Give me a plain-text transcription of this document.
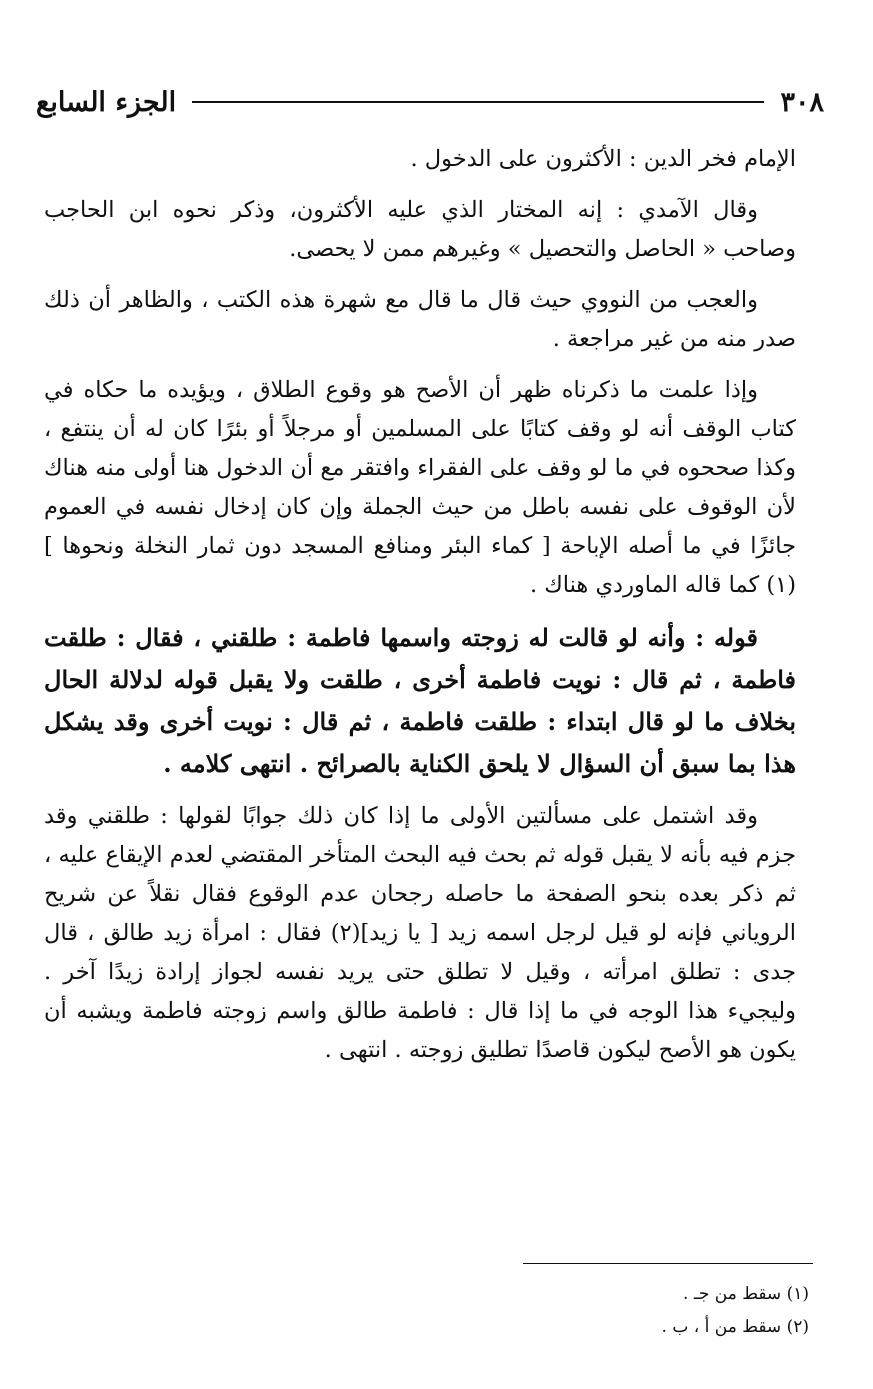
٣٠٨
الجزء السابع

الإمام فخر الدين : الأكثرون على الدخول .

وقال الآمدي : إنه المختار الذي عليه الأكثرون، وذكر نحوه ابن الحاجب وصاحب « الحاصل والتحصيل » وغيرهم ممن لا يحصى.

والعجب من النووي حيث قال ما قال مع شهرة هذه الكتب ، والظاهر أن ذلك صدر منه من غير مراجعة .

وإذا علمت ما ذكرناه ظهر أن الأصح هو وقوع الطلاق ، ويؤيده ما حكاه في كتاب الوقف أنه لو وقف كتابًا على المسلمين أو مرجلاً أو بئرًا كان له أن ينتفع ، وكذا صححوه في ما لو وقف على الفقراء وافتقر مع أن الدخول هنا أولى منه هناك لأن الوقوف على نفسه باطل من حيث الجملة وإن كان إدخال نفسه في العموم جائزًا في ما أصله الإباحة [ كماء البئر ومنافع المسجد دون ثمار النخلة ونحوها ] (١) كما قاله الماوردي هناك .

قوله : وأنه لو قالت له زوجته واسمها فاطمة : طلقني ، فقال : طلقت فاطمة ، ثم قال : نويت فاطمة أخرى ، طلقت ولا يقبل قوله لدلالة الحال بخلاف ما لو قال ابتداء : طلقت فاطمة ، ثم قال : نويت أخرى وقد يشكل هذا بما سبق أن السؤال لا يلحق الكناية بالصرائح . انتهى كلامه .

وقد اشتمل على مسألتين الأولى ما إذا كان ذلك جوابًا لقولها : طلقني وقد جزم فيه بأنه لا يقبل قوله ثم بحث فيه البحث المتأخر المقتضي لعدم الإيقاع عليه ، ثم ذكر بعده بنحو الصفحة ما حاصله رجحان عدم الوقوع فقال نقلاً عن شريح الروياني فإنه لو قيل لرجل اسمه زيد [ يا زيد](٢) فقال : امرأة زيد طالق ، قال جدى : تطلق امرأته ، وقيل لا تطلق حتى يريد نفسه لجواز إرادة زيدًا آخر . وليجيء هذا الوجه في ما إذا قال : فاطمة طالق واسم زوجته فاطمة ويشبه أن يكون هو الأصح ليكون قاصدًا تطليق زوجته . انتهى .

(١) سقط من جـ .
(٢) سقط من أ ، ب .
